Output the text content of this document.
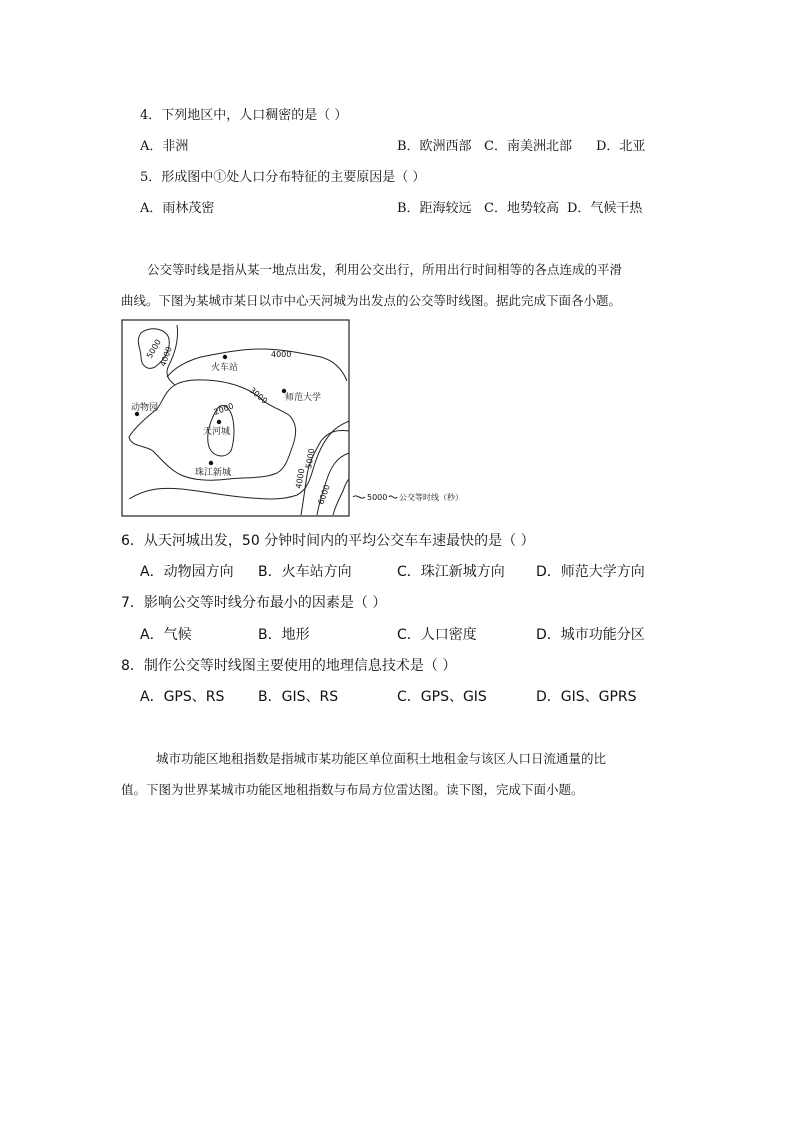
4．下列地区中，人口稠密的是（ ）
A．非洲	B．欧洲西部 C．南美洲北部 D．北亚
5．形成图中①处人口分布特征的主要原因是（ ）
A．雨林茂密	B．距海较远 C．地势较高 D．气候干热
公交等时线是指从某一地点出发，利用公交出行，所用出行时间相等的各点连成的平滑
曲线。下图为某城市某日以市中心天河城为出发点的公交等时线图。据此完成下面各小题。
火车站
师范大学
动物园
天河城
珠江新城
2000
3000
4000
4000
5000
4000
5000
6000	5000 公交等时线（秒）
6．从天河城出发，50 分钟时间内的平均公交车车速最快的是（ ）
A．动物园方向 B．火车站方向	C．珠江新城方向 D．师范大学方向
7．影响公交等时线分布最小的因素是（ ）
A．气候	B．地形	C．人口密度	D．城市功能分区
8．制作公交等时线图主要使用的地理信息技术是（ ）
A．GPS、RS B．GIS、RS	C．GPS、GIS	D．GIS、GPRS
城市功能区地租指数是指城市某功能区单位面积土地租金与该区人口日流通量的比
值。下图为世界某城市功能区地租指数与布局方位雷达图。读下图，完成下面小题。
